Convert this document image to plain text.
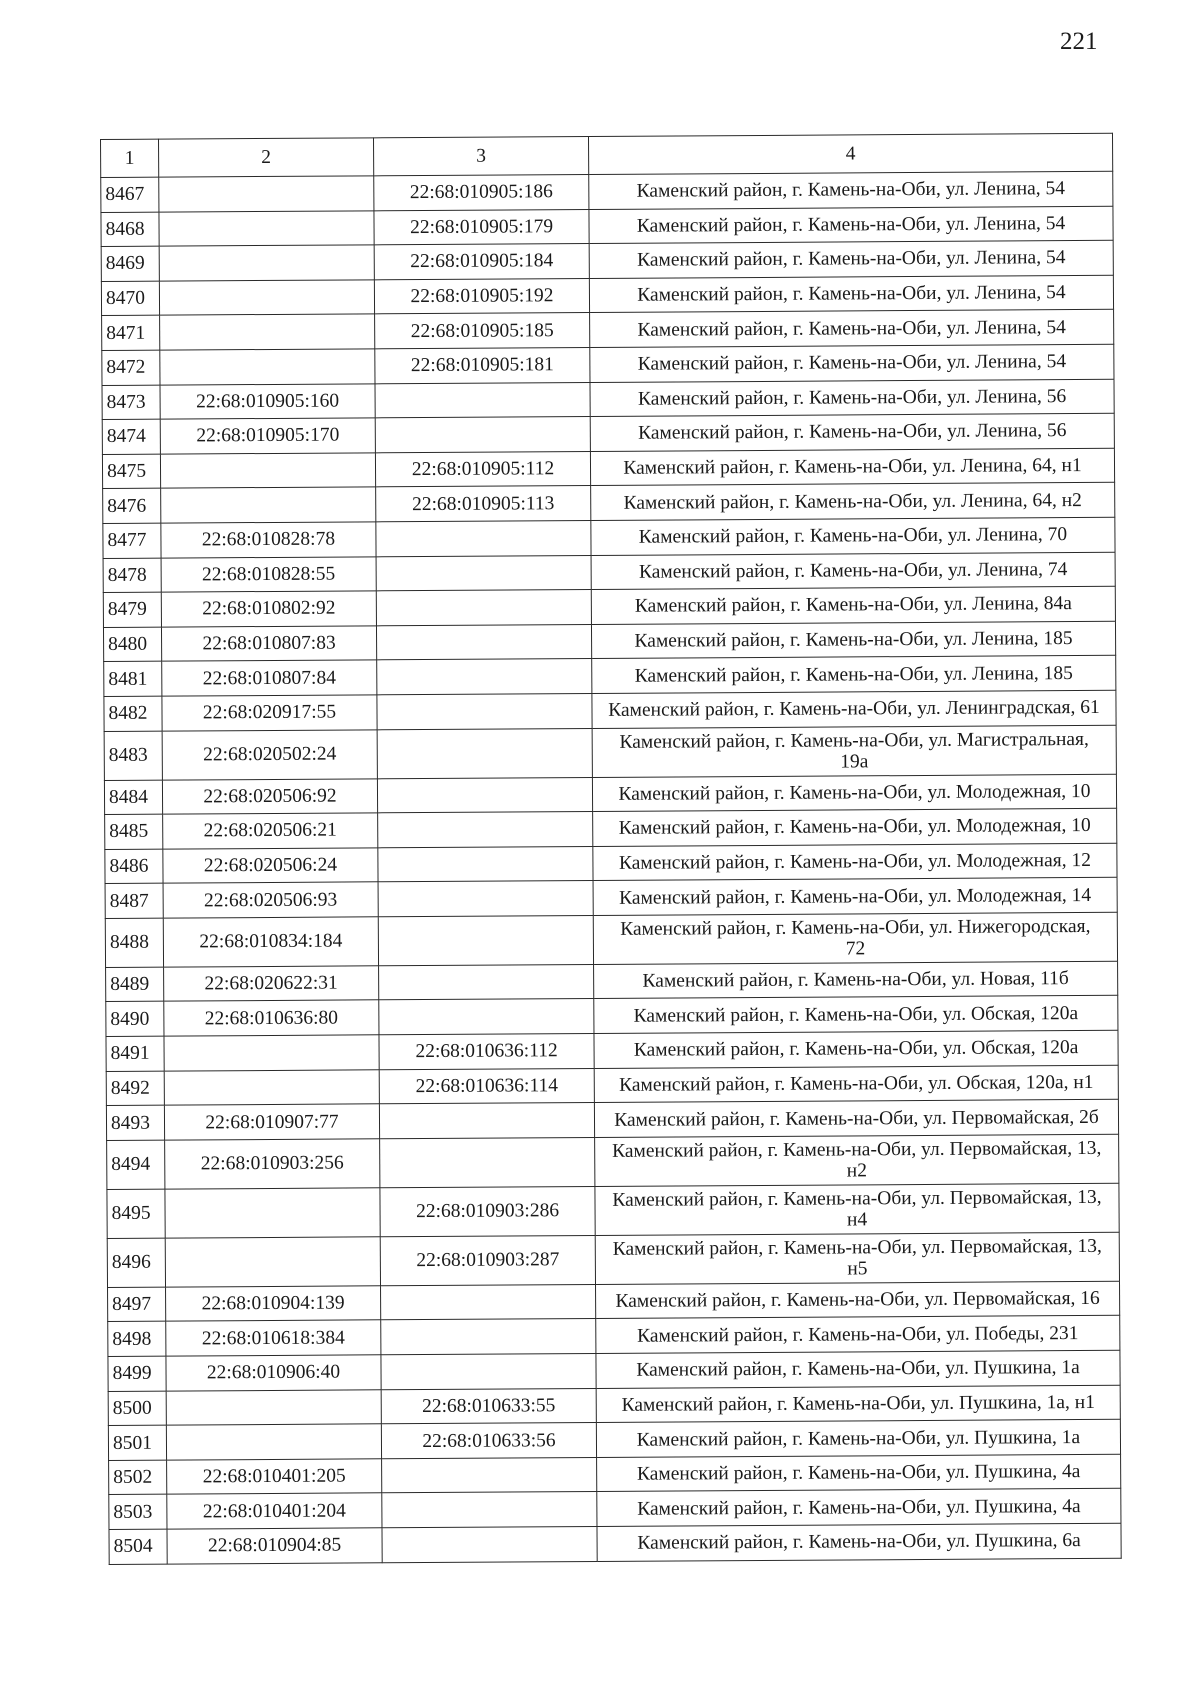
221
1	2	3	4
8467		22:68:010905:186	Каменский район, г. Камень-на-Оби, ул. Ленина, 54

8468		22:68:010905:179	Каменский район, г. Камень-на-Оби, ул. Ленина, 54

8469		22:68:010905:184	Каменский район, г. Камень-на-Оби, ул. Ленина, 54

8470		22:68:010905:192	Каменский район, г. Камень-на-Оби, ул. Ленина, 54

8471		22:68:010905:185	Каменский район, г. Камень-на-Оби, ул. Ленина, 54

8472		22:68:010905:181	Каменский район, г. Камень-на-Оби, ул. Ленина, 54

8473	22:68:010905:160		Каменский район, г. Камень-на-Оби, ул. Ленина, 56

8474	22:68:010905:170		Каменский район, г. Камень-на-Оби, ул. Ленина, 56

8475		22:68:010905:112	Каменский район, г. Камень-на-Оби, ул. Ленина, 64, н1

8476		22:68:010905:113	Каменский район, г. Камень-на-Оби, ул. Ленина, 64, н2

8477	22:68:010828:78		Каменский район, г. Камень-на-Оби, ул. Ленина, 70

8478	22:68:010828:55		Каменский район, г. Камень-на-Оби, ул. Ленина, 74

8479	22:68:010802:92		Каменский район, г. Камень-на-Оби, ул. Ленина, 84а

8480	22:68:010807:83		Каменский район, г. Камень-на-Оби, ул. Ленина, 185

8481	22:68:010807:84		Каменский район, г. Камень-на-Оби, ул. Ленина, 185

8482	22:68:020917:55		Каменский район, г. Камень-на-Оби, ул. Ленинградская, 61

8483	22:68:020502:24		Каменский район, г. Камень-на-Оби, ул. Магистральная,
19а

8484	22:68:020506:92		Каменский район, г. Камень-на-Оби, ул. Молодежная, 10

8485	22:68:020506:21		Каменский район, г. Камень-на-Оби, ул. Молодежная, 10

8486	22:68:020506:24		Каменский район, г. Камень-на-Оби, ул. Молодежная, 12

8487	22:68:020506:93		Каменский район, г. Камень-на-Оби, ул. Молодежная, 14

8488	22:68:010834:184		Каменский район, г. Камень-на-Оби, ул. Нижегородская,
72

8489	22:68:020622:31		Каменский район, г. Камень-на-Оби, ул. Новая, 11б

8490	22:68:010636:80		Каменский район, г. Камень-на-Оби, ул. Обская, 120а

8491		22:68:010636:112	Каменский район, г. Камень-на-Оби, ул. Обская, 120а

8492		22:68:010636:114	Каменский район, г. Камень-на-Оби, ул. Обская, 120а, н1

8493	22:68:010907:77		Каменский район, г. Камень-на-Оби, ул. Первомайская, 2б

8494	22:68:010903:256		Каменский район, г. Камень-на-Оби, ул. Первомайская, 13,
н2

8495		22:68:010903:286	Каменский район, г. Камень-на-Оби, ул. Первомайская, 13,
н4

8496		22:68:010903:287	Каменский район, г. Камень-на-Оби, ул. Первомайская, 13,
н5

8497	22:68:010904:139		Каменский район, г. Камень-на-Оби, ул. Первомайская, 16

8498	22:68:010618:384		Каменский район, г. Камень-на-Оби, ул. Победы, 231

8499	22:68:010906:40		Каменский район, г. Камень-на-Оби, ул. Пушкина, 1а

8500		22:68:010633:55	Каменский район, г. Камень-на-Оби, ул. Пушкина, 1а, н1

8501		22:68:010633:56	Каменский район, г. Камень-на-Оби, ул. Пушкина, 1а

8502	22:68:010401:205		Каменский район, г. Камень-на-Оби, ул. Пушкина, 4а

8503	22:68:010401:204		Каменский район, г. Камень-на-Оби, ул. Пушкина, 4а

8504	22:68:010904:85		Каменский район, г. Камень-на-Оби, ул. Пушкина, 6а
